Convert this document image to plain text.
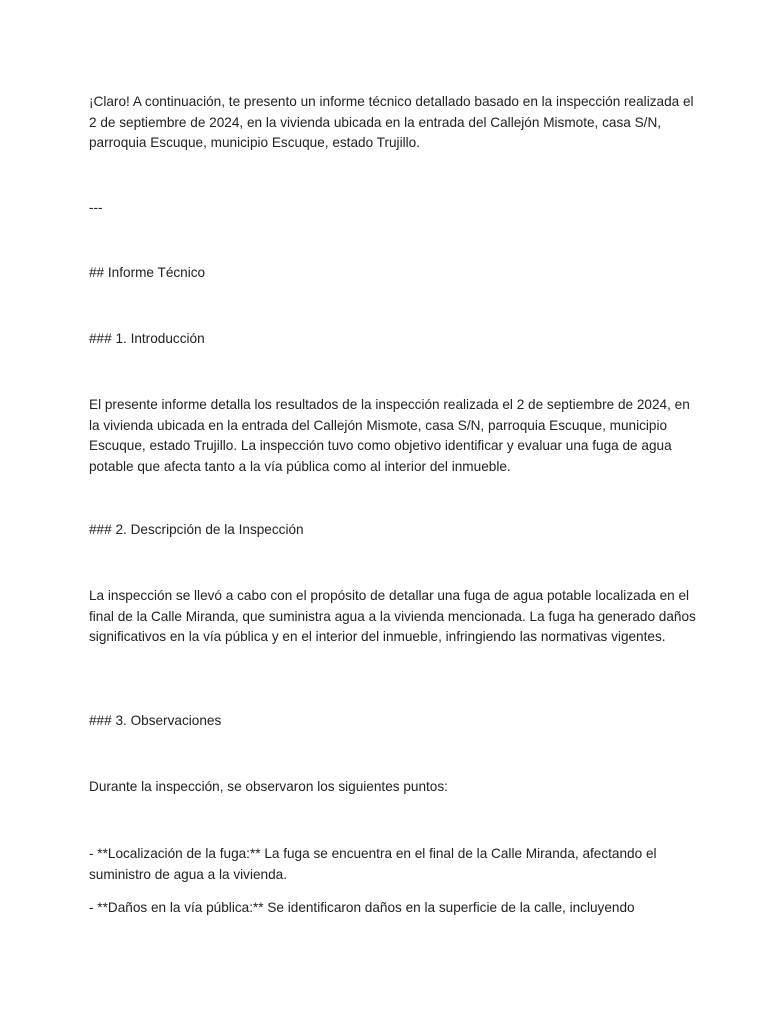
¡Claro! A continuación, te presento un informe técnico detallado basado en la inspección realizada el 2 de septiembre de 2024, en la vivienda ubicada en la entrada del Callejón Mismote, casa S/N, parroquia Escuque, municipio Escuque, estado Trujillo.

---

## Informe Técnico

### 1. Introducción

El presente informe detalla los resultados de la inspección realizada el 2 de septiembre de 2024, en la vivienda ubicada en la entrada del Callejón Mismote, casa S/N, parroquia Escuque, municipio Escuque, estado Trujillo. La inspección tuvo como objetivo identificar y evaluar una fuga de agua potable que afecta tanto a la vía pública como al interior del inmueble.

### 2. Descripción de la Inspección

La inspección se llevó a cabo con el propósito de detallar una fuga de agua potable localizada en el final de la Calle Miranda, que suministra agua a la vivienda mencionada. La fuga ha generado daños significativos en la vía pública y en el interior del inmueble, infringiendo las normativas vigentes.

### 3. Observaciones

Durante la inspección, se observaron los siguientes puntos:

- **Localización de la fuga:** La fuga se encuentra en el final de la Calle Miranda, afectando el suministro de agua a la vivienda.

- **Daños en la vía pública:** Se identificaron daños en la superficie de la calle, incluyendo
